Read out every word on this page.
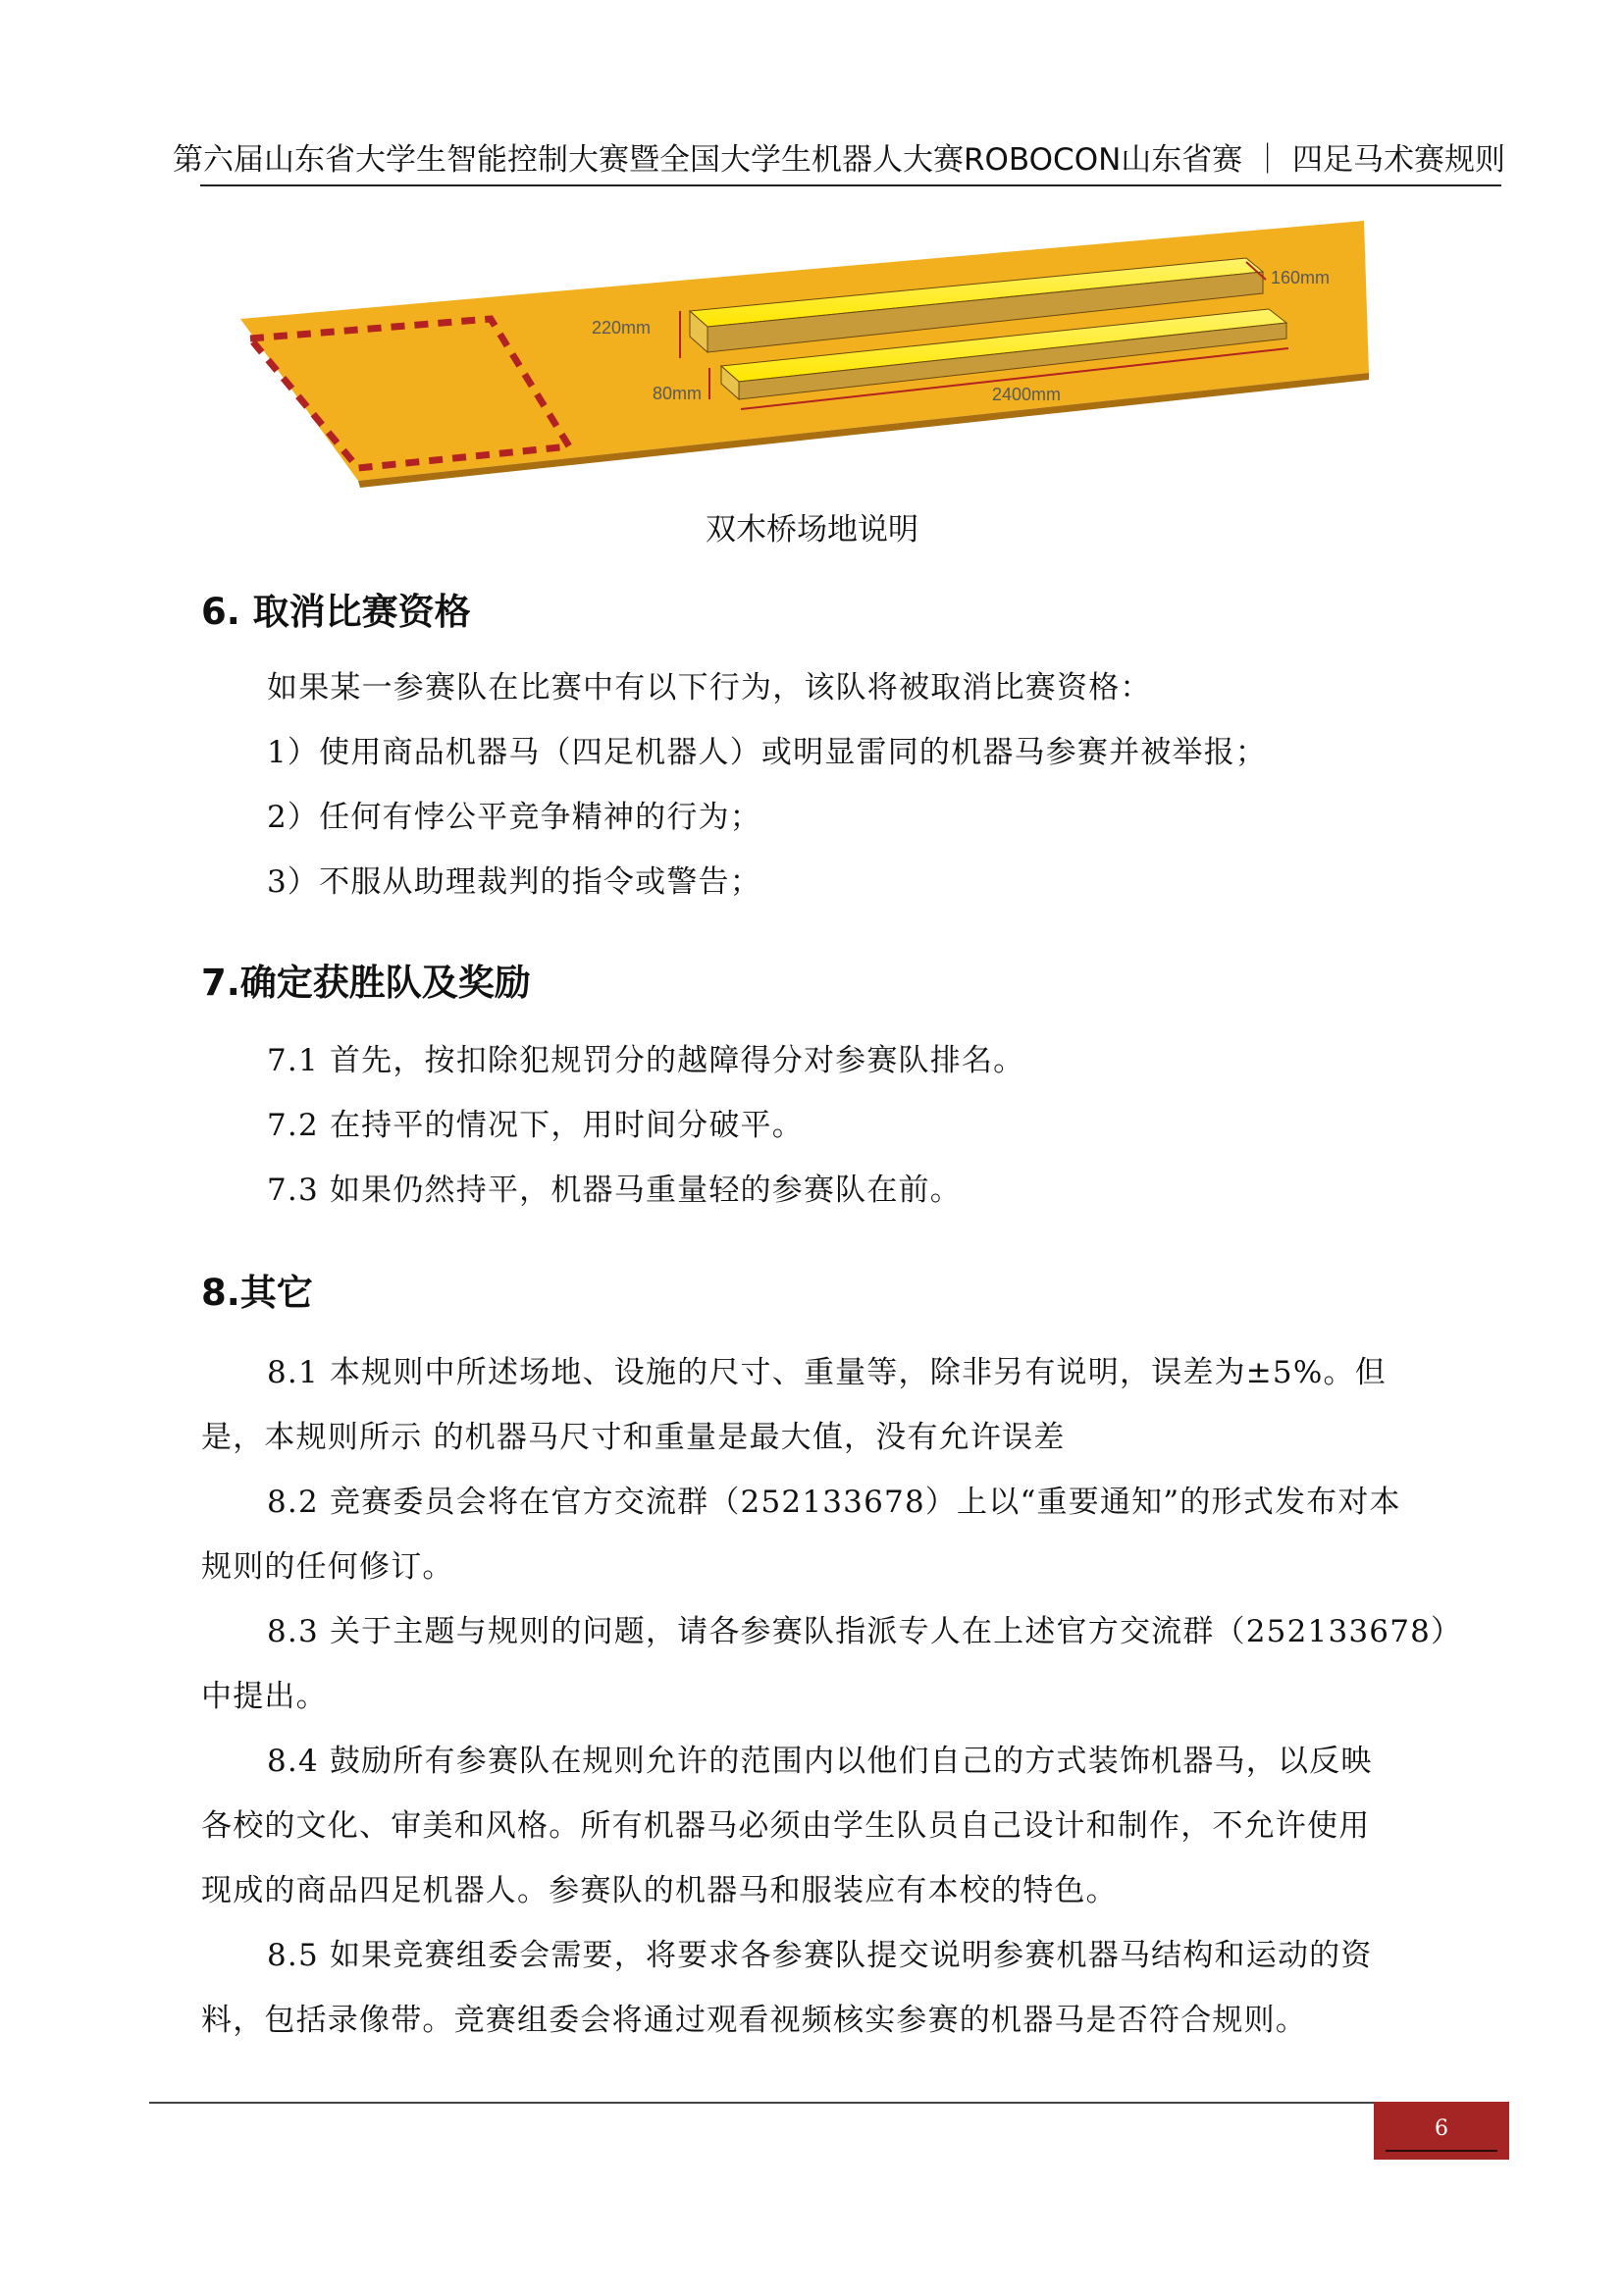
第六届山东省大学生智能控制大赛暨全国大学生机器人大赛ROBOCON山东省赛 ｜ 四足马术赛规则
220mm
160mm
80mm	2400mm
双木桥场地说明
6. 取消比赛资格
如果某一参赛队在比赛中有以下行为，该队将被取消比赛资格：
1）使用商品机器马（四足机器人）或明显雷同的机器马参赛并被举报；
2）任何有悖公平竞争精神的行为；
3）不服从助理裁判的指令或警告；
7.确定获胜队及奖励
7.1 首先，按扣除犯规罚分的越障得分对参赛队排名。
7.2 在持平的情况下，用时间分破平。
7.3 如果仍然持平，机器马重量轻的参赛队在前。
8.其它
8.1 本规则中所述场地、设施的尺寸、重量等，除非另有说明，误差为±5%。但
是，本规则所示 的机器马尺寸和重量是最大值，没有允许误差
8.2 竞赛委员会将在官方交流群（252133678）上以“重要通知”的形式发布对本
规则的任何修订。
8.3 关于主题与规则的问题，请各参赛队指派专人在上述官方交流群（252133678）
中提出。
8.4 鼓励所有参赛队在规则允许的范围内以他们自己的方式装饰机器马，以反映
各校的文化、审美和风格。所有机器马必须由学生队员自己设计和制作，不允许使用
现成的商品四足机器人。参赛队的机器马和服装应有本校的特色。
8.5 如果竞赛组委会需要，将要求各参赛队提交说明参赛机器马结构和运动的资
料，包括录像带。竞赛组委会将通过观看视频核实参赛的机器马是否符合规则。
6
